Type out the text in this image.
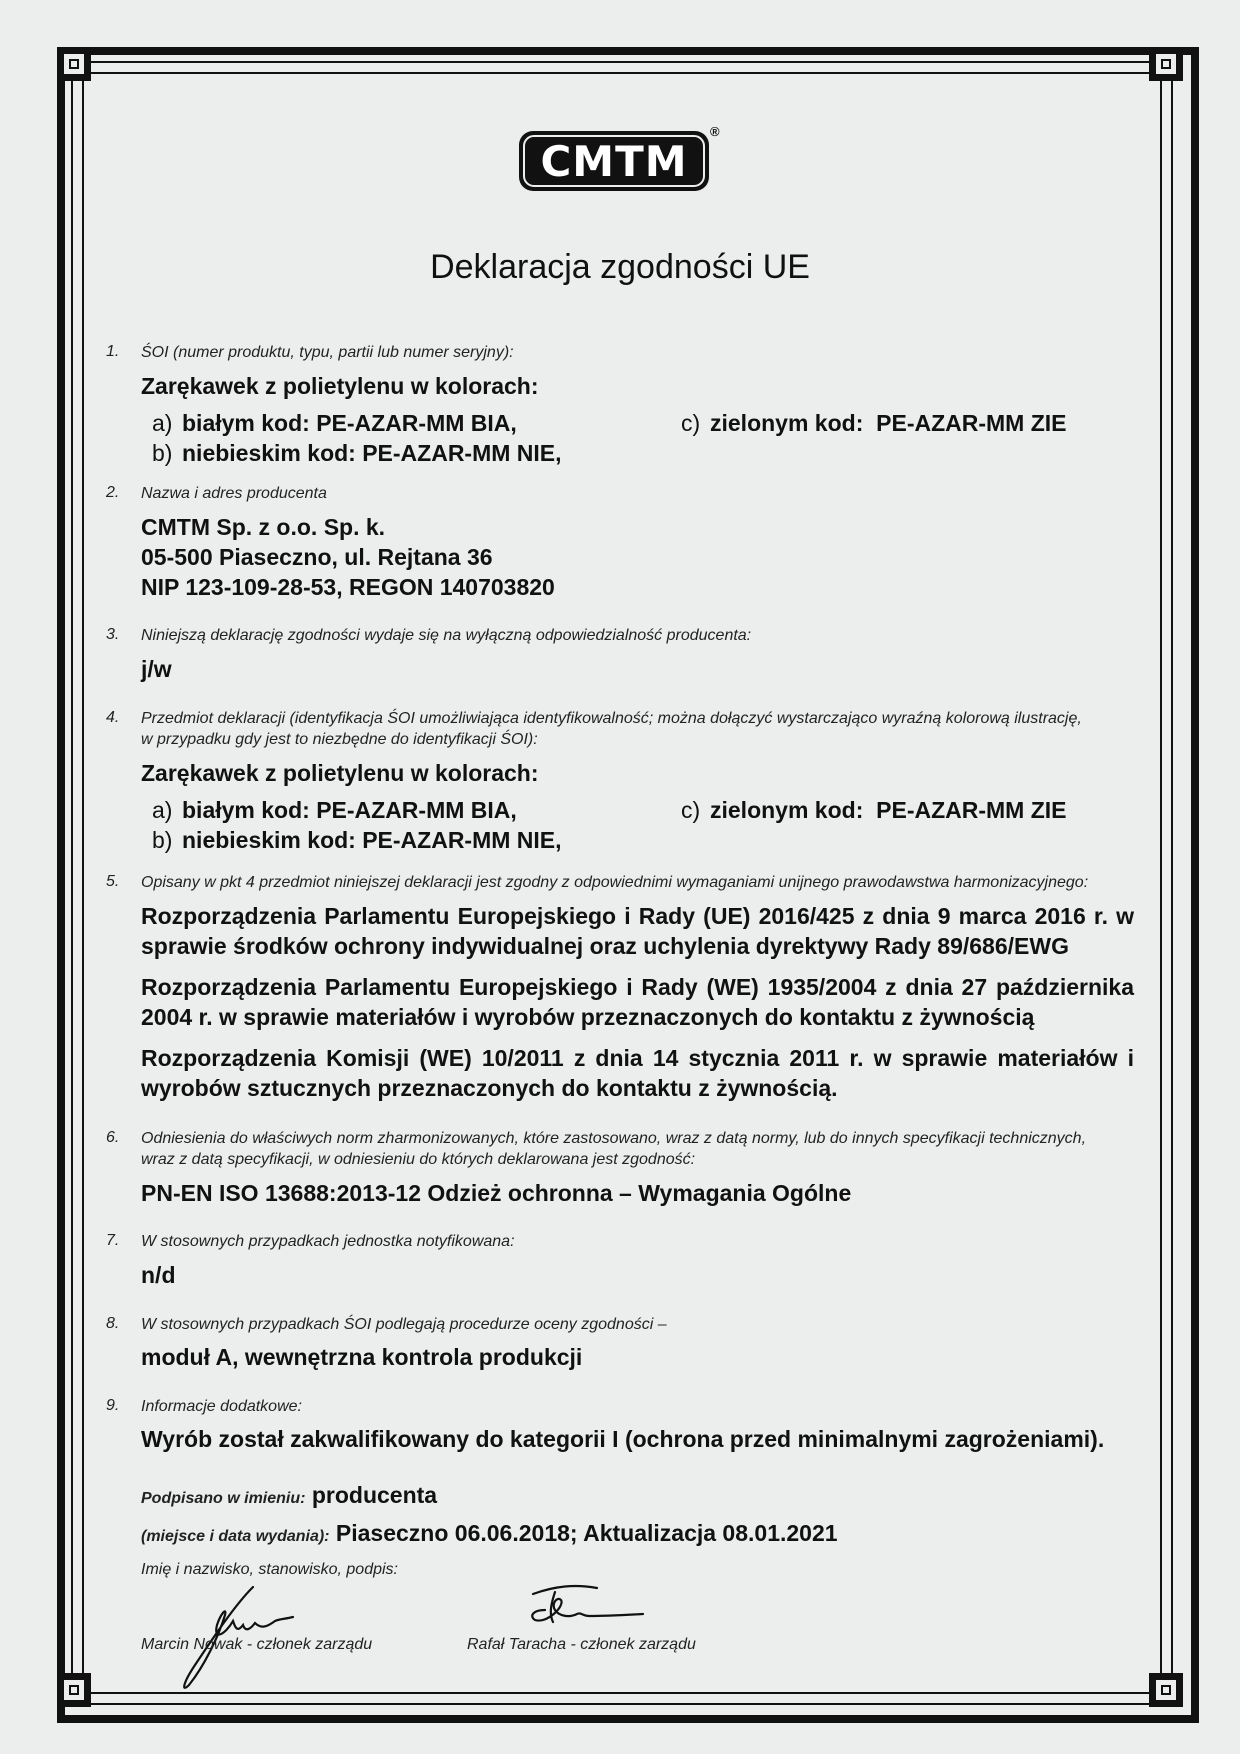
CMTM
®
Deklaracja zgodności UE
1. ŚOI (numer produktu, typu, partii lub numer seryjny):
Zarękawek z polietylenu w kolorach:
a) białym kod: PE-AZAR-MM BIA,
b) niebieskim kod: PE-AZAR-MM NIE,
c) zielonym kod:  PE-AZAR-MM ZIE
2. Nazwa i adres producenta
CMTM Sp. z o.o. Sp. k.
05-500 Piaseczno, ul. Rejtana 36
NIP 123-109-28-53, REGON 140703820
3. Niniejszą deklarację zgodności wydaje się na wyłączną odpowiedzialność producenta:
j/w
4. Przedmiot deklaracji (identyfikacja ŚOI umożliwiająca identyfikowalność; można dołączyć wystarczająco wyraźną kolorową ilustrację,
w przypadku gdy jest to niezbędne do identyfikacji ŚOI):
Zarękawek z polietylenu w kolorach:
a) białym kod: PE-AZAR-MM BIA,
b) niebieskim kod: PE-AZAR-MM NIE,
c) zielonym kod:  PE-AZAR-MM ZIE
5. Opisany w pkt 4 przedmiot niniejszej deklaracji jest zgodny z odpowiednimi wymaganiami unijnego prawodawstwa harmonizacyjnego:
Rozporządzenia Parlamentu Europejskiego i Rady (UE) 2016/425 z dnia 9 marca 2016 r. w sprawie środków ochrony indywidualnej oraz uchylenia dyrektywy Rady 89/686/EWG
Rozporządzenia Parlamentu Europejskiego i Rady (WE) 1935/2004 z dnia 27 października 2004 r. w sprawie materiałów i wyrobów przeznaczonych do kontaktu z żywnością
Rozporządzenia Komisji (WE) 10/2011 z dnia 14 stycznia 2011 r. w sprawie materiałów i wyrobów sztucznych przeznaczonych do kontaktu z żywnością.
6. Odniesienia do właściwych norm zharmonizowanych, które zastosowano, wraz z datą normy, lub do innych specyfikacji technicznych,
wraz z datą specyfikacji, w odniesieniu do których deklarowana jest zgodność:
PN-EN ISO 13688:2013-12 Odzież ochronna – Wymagania Ogólne
7. W stosownych przypadkach jednostka notyfikowana:
n/d
8. W stosownych przypadkach ŚOI podlegają procedurze oceny zgodności –
moduł A, wewnętrzna kontrola produkcji
9. Informacje dodatkowe:
Wyrób został zakwalifikowany do kategorii I (ochrona przed minimalnymi zagrożeniami).
Podpisano w imieniu: producenta
(miejsce i data wydania): Piaseczno 06.06.2018; Aktualizacja 08.01.2021
Imię i nazwisko, stanowisko, podpis:
Marcin Nowak - członek zarządu	Rafał Taracha - członek zarządu
